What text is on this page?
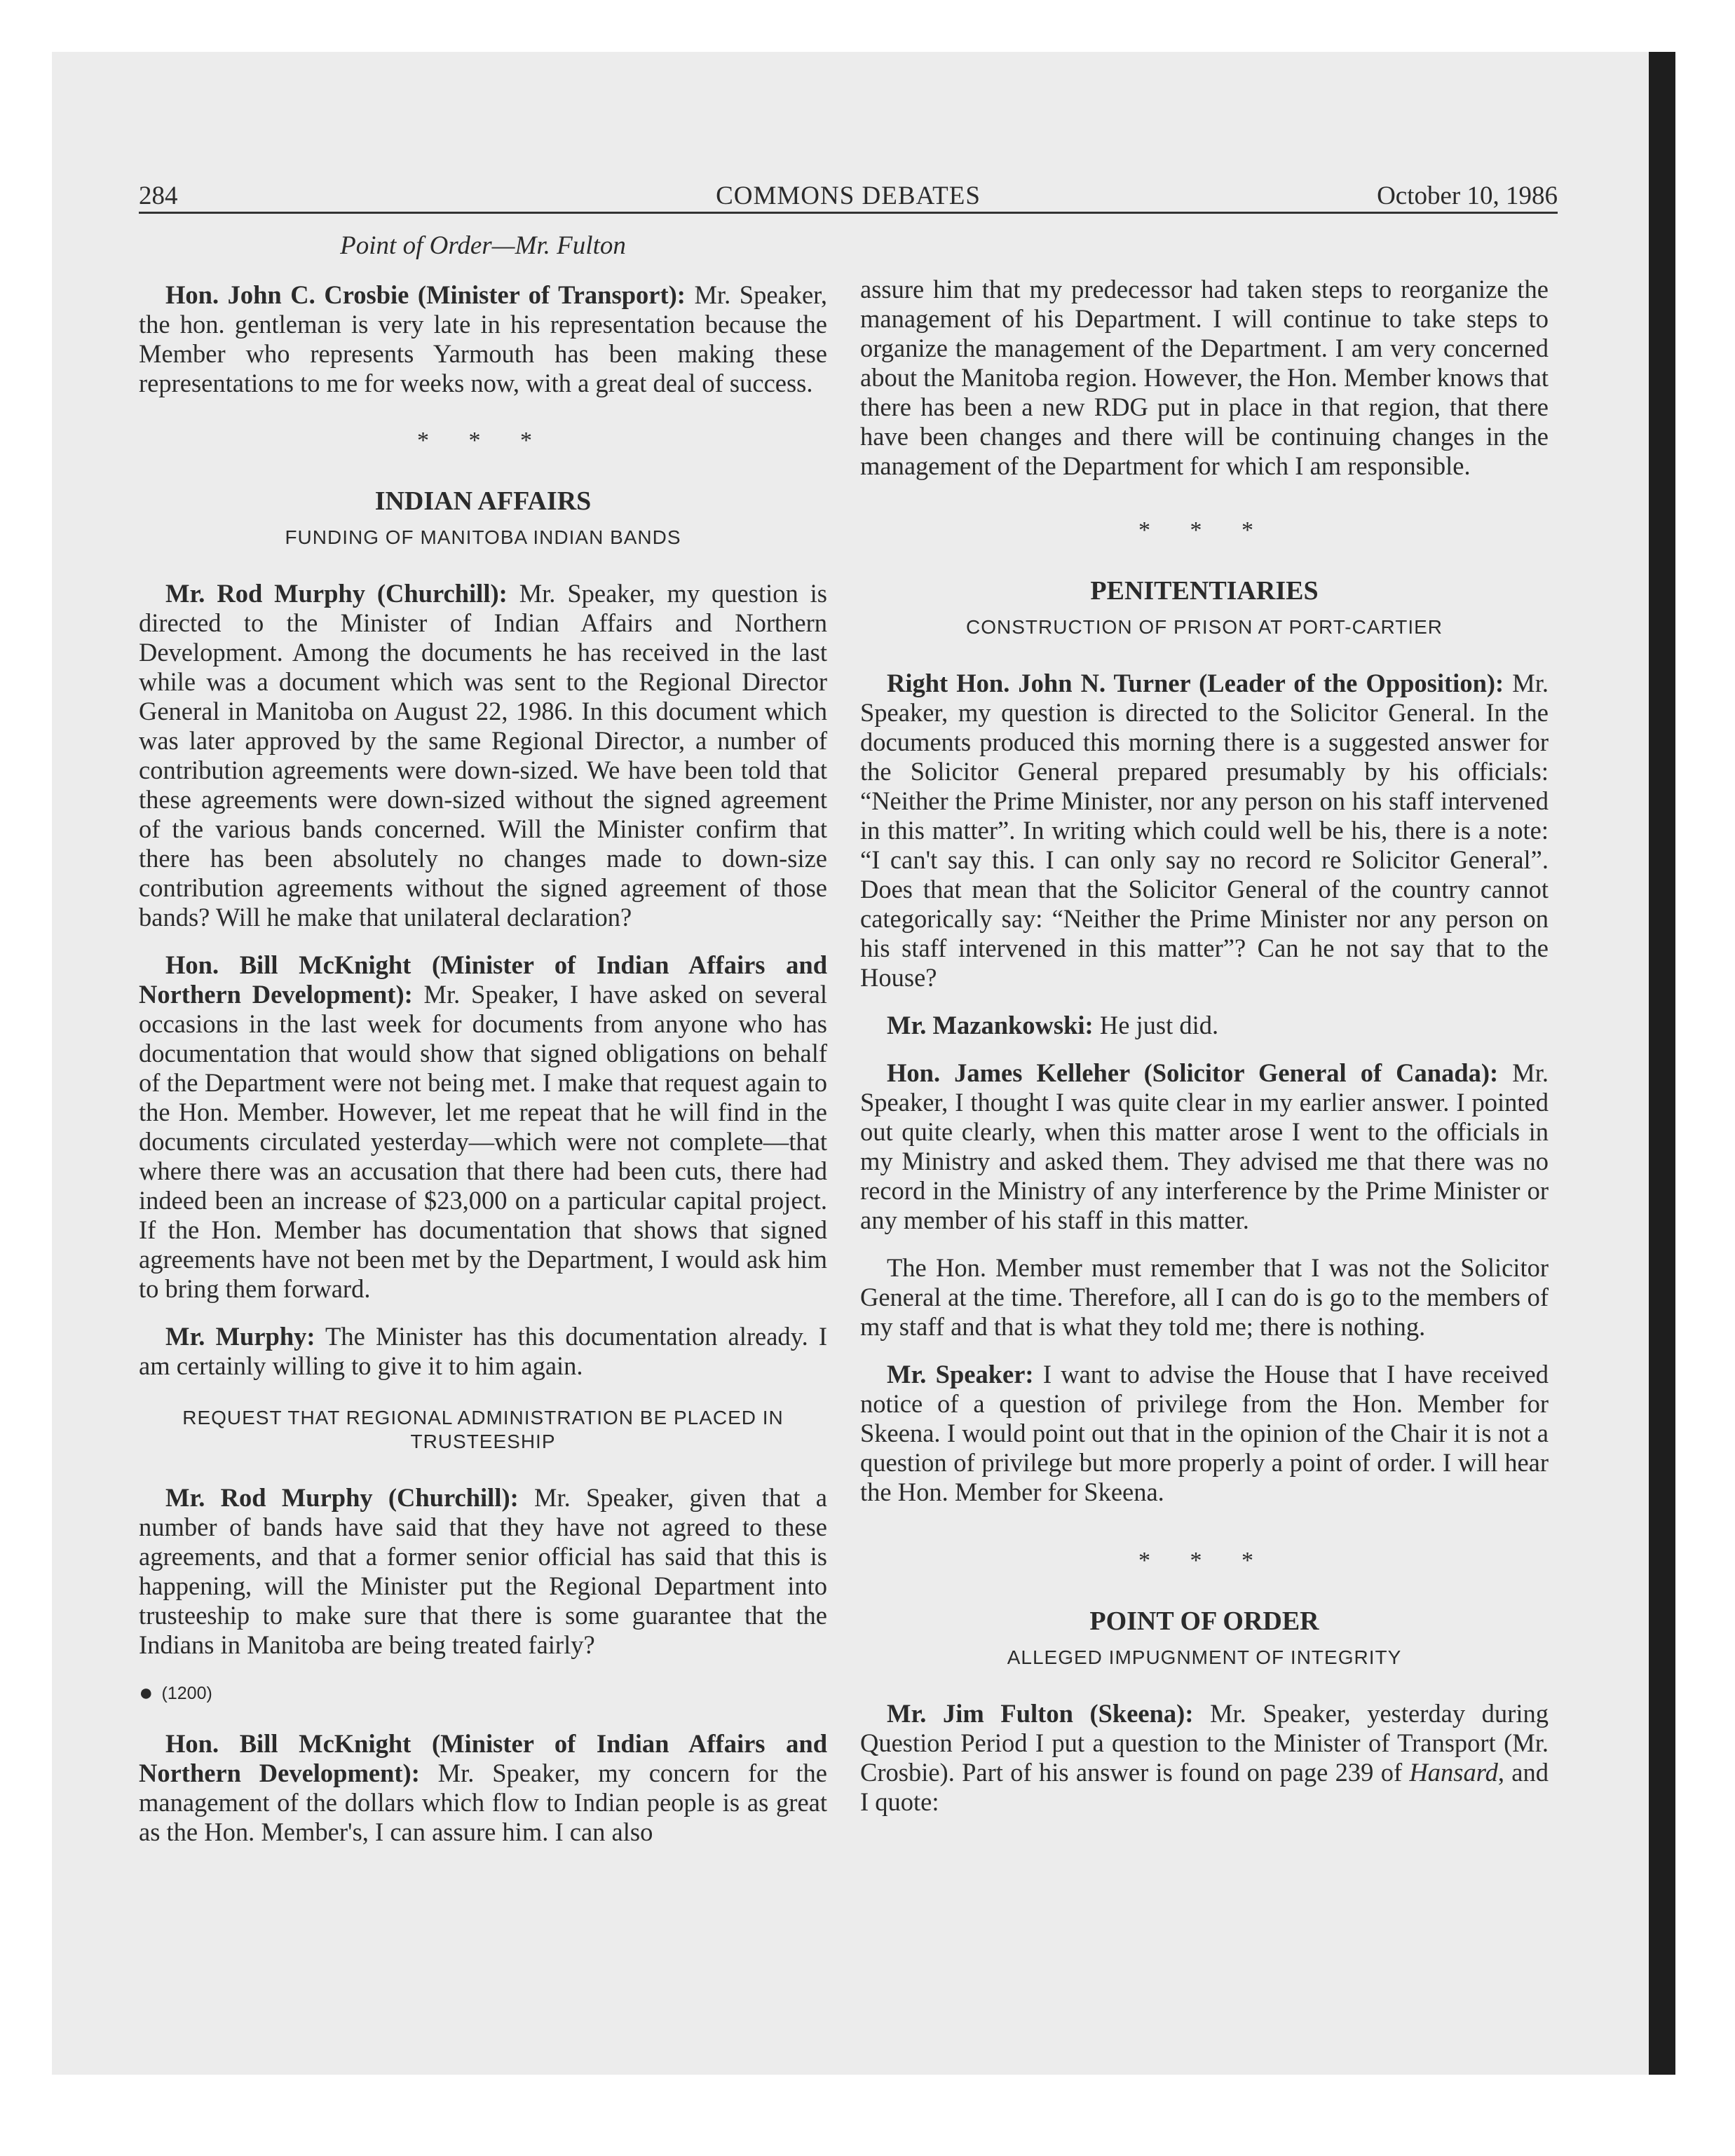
284	COMMONS DEBATES	October 10, 1986
Point of Order—Mr. Fulton

Hon. John C. Crosbie (Minister of Transport): Mr. Speaker, the hon. gentleman is very late in his representation because the Member who represents Yarmouth has been making these representations to me for weeks now, with a great deal of success.

* * *
INDIAN AFFAIRS
FUNDING OF MANITOBA INDIAN BANDS

Mr. Rod Murphy (Churchill): Mr. Speaker, my question is directed to the Minister of Indian Affairs and Northern Development. Among the documents he has received in the last while was a document which was sent to the Regional Director General in Manitoba on August 22, 1986. In this document which was later approved by the same Regional Director, a number of contribution agreements were down-sized. We have been told that these agreements were down-sized without the signed agreement of the various bands concerned. Will the Minister confirm that there has been absolutely no changes made to down-size contribution agreements without the signed agreement of those bands? Will he make that unilateral declaration?

Hon. Bill McKnight (Minister of Indian Affairs and Northern Development): Mr. Speaker, I have asked on several occasions in the last week for documents from anyone who has documentation that would show that signed obligations on behalf of the Department were not being met. I make that request again to the Hon. Member. However, let me repeat that he will find in the documents circulated yesterday—which were not complete—that where there was an accusation that there had been cuts, there had indeed been an increase of $23,000 on a particular capital project. If the Hon. Member has documentation that shows that signed agreements have not been met by the Department, I would ask him to bring them forward.

Mr. Murphy: The Minister has this documentation already. I am certainly willing to give it to him again.

REQUEST THAT REGIONAL ADMINISTRATION BE PLACED IN TRUSTEESHIP

Mr. Rod Murphy (Churchill): Mr. Speaker, given that a number of bands have said that they have not agreed to these agreements, and that a former senior official has said that this is happening, will the Minister put the Regional Department into trusteeship to make sure that there is some guarantee that the Indians in Manitoba are being treated fairly?

● (1200)

Hon. Bill McKnight (Minister of Indian Affairs and Northern Development): Mr. Speaker, my concern for the management of the dollars which flow to Indian people is as great as the Hon. Member's, I can assure him. I can also

assure him that my predecessor had taken steps to reorganize the management of his Department. I will continue to take steps to organize the management of the Department. I am very concerned about the Manitoba region. However, the Hon. Member knows that there has been a new RDG put in place in that region, that there have been changes and there will be continuing changes in the management of the Department for which I am responsible.

* * *
PENITENTIARIES
CONSTRUCTION OF PRISON AT PORT-CARTIER

Right Hon. John N. Turner (Leader of the Opposition): Mr. Speaker, my question is directed to the Solicitor General. In the documents produced this morning there is a suggested answer for the Solicitor General prepared presumably by his officials: “Neither the Prime Minister, nor any person on his staff intervened in this matter”. In writing which could well be his, there is a note: “I can't say this. I can only say no record re Solicitor General”. Does that mean that the Solicitor General of the country cannot categorically say: “Neither the Prime Minister nor any person on his staff intervened in this matter”? Can he not say that to the House?

Mr. Mazankowski: He just did.

Hon. James Kelleher (Solicitor General of Canada): Mr. Speaker, I thought I was quite clear in my earlier answer. I pointed out quite clearly, when this matter arose I went to the officials in my Ministry and asked them. They advised me that there was no record in the Ministry of any interference by the Prime Minister or any member of his staff in this matter.

The Hon. Member must remember that I was not the Solicitor General at the time. Therefore, all I can do is go to the members of my staff and that is what they told me; there is nothing.

Mr. Speaker: I want to advise the House that I have received notice of a question of privilege from the Hon. Member for Skeena. I would point out that in the opinion of the Chair it is not a question of privilege but more properly a point of order. I will hear the Hon. Member for Skeena.

* * *
POINT OF ORDER
ALLEGED IMPUGNMENT OF INTEGRITY

Mr. Jim Fulton (Skeena): Mr. Speaker, yesterday during Question Period I put a question to the Minister of Transport (Mr. Crosbie). Part of his answer is found on page 239 of Hansard, and I quote:
